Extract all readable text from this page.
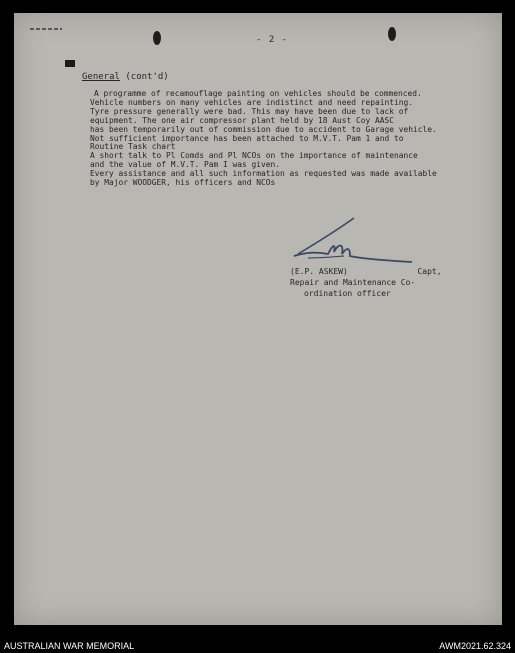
- 2 -
General (cont'd)
A programme of recamouflage painting on vehicles should be commenced.
Vehicle numbers on many vehicles are indistinct and need repainting.
Tyre pressure generally were bad. This may have been due to lack of
equipment. The one air compressor plant held by 18 Aust Coy AASC
has been temporarily out of commission due to accident to Garage vehicle.
Not sufficient importance has been attached to M.V.T. Pam 1 and to
Routine Task chart
A short talk to Pl Comds and Pl NCOs on the importance of maintenance
and the value of M.V.T. Pam I was given.
Every assistance and all such information as requested was made available
by Major WOODGER, his officers and NCOs
(E.P. ASKEW)	Capt,
Repair and Maintenance Co-
ordination officer
AUSTRALIAN WAR MEMORIAL	AWM2021.62.324
